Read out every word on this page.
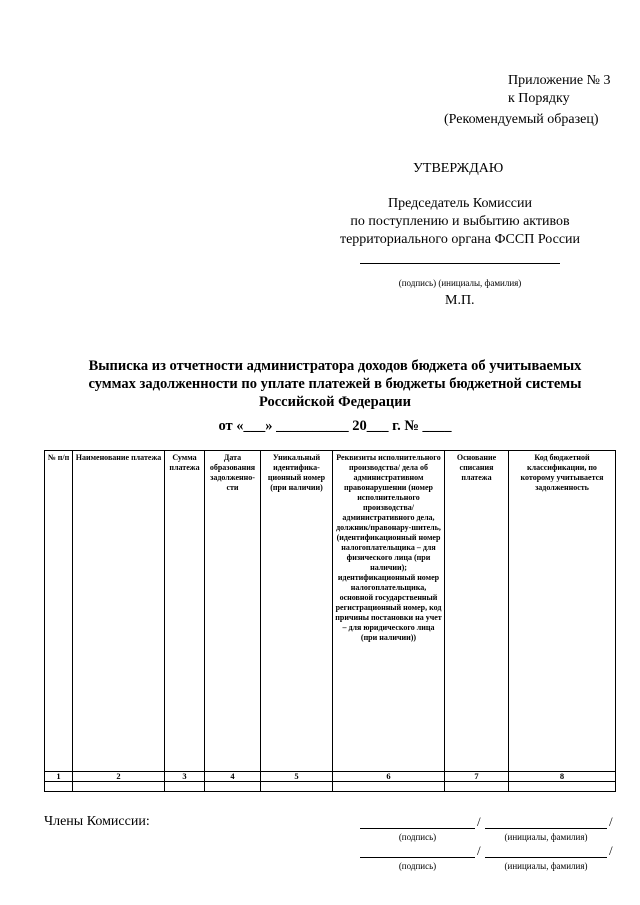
Приложение № 3
к Порядку
(Рекомендуемый образец)
УТВЕРЖДАЮ
Председатель Комиссии
по поступлению и выбытию активов
территориального органа ФССП России
(подпись) (инициалы, фамилия)
М.П.
Выписка из отчетности администратора доходов бюджета об учитываемых
суммах задолженности по уплате платежей в бюджеты бюджетной системы
Российской Федерации
от «___» __________ 20___ г. № ____
№ п/п	Наименование платежа	Сумма платежа	Дата образования задолженно-сти	Уникальный идентифика-ционный номер (при наличии)	Реквизиты исполнительного производства/ дела об административном правонарушении (номер исполнительного производства/ административного дела, должник/правонару-шитель, (идентификационный номер налогоплательщика – для физического лица (при наличии); идентификационный номер налогоплательщика, основной государственный регистрационный номер, код причины постановки на учет – для юридического лица (при наличии))	Основание списания платежа	Код бюджетной классификации, по которому учитывается задолженность
1	2	3	4	5	6	7	8

Члены Комиссии:	/	/
(подпись)	(инициалы, фамилия)
/	/
(подпись)	(инициалы, фамилия)
